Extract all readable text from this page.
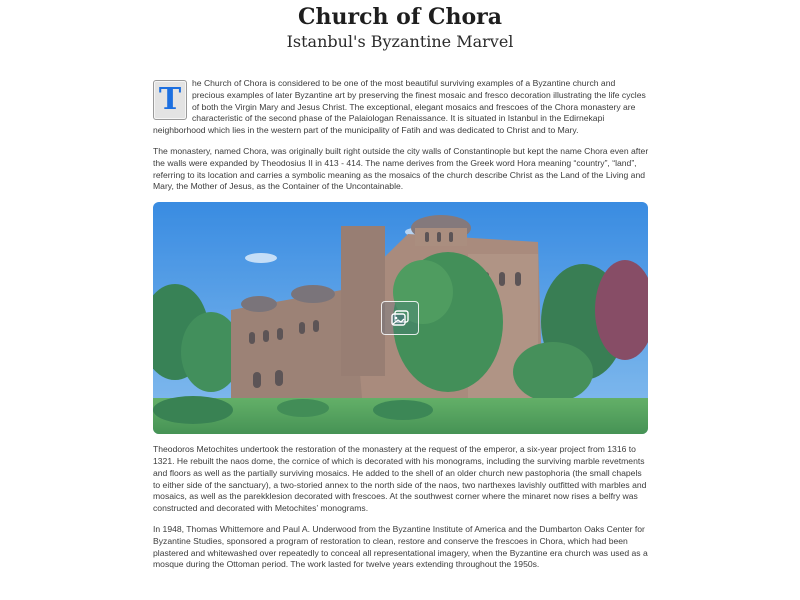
Church of Chora
Istanbul's Byzantine Marvel

T	he Church of Chora is considered to be one of the most beautiful surviving examples of a Byzantine church and precious examples of later Byzantine art by preserving the finest mosaic and fresco decoration illustrating the life cycles of both the Virgin Mary and Jesus Christ. The exceptional, elegant mosaics and frescoes of the Chora monastery are characteristic of the second phase of the Palaiologan Renaissance. It is situated in Istanbul in the Edirnekapi neighborhood which lies in the western part of the municipality of Fatih and was dedicated to Christ and to Mary.

The monastery, named Chora, was originally built right outside the city walls of Constantinople but kept the name Chora even after the walls were expanded by Theodosius II in 413 - 414. The name derives from the Greek word Hora meaning “country”, “land”, referring to its location and carries a symbolic meaning as the mosaics of the church describe Christ as the Land of the Living and Mary, the Mother of Jesus, as the Container of the Uncontainable.

Theodoros Metochites undertook the restoration of the monastery at the request of the emperor, a six-year project from 1316 to 1321. He rebuilt the naos dome, the cornice of which is decorated with his monograms, including the surviving marble revetments and floors as well as the partially surviving mosaics. He added to the shell of an older church new pastophoria (the small chapels to either side of the sanctuary), a two-storied annex to the north side of the naos, two narthexes lavishly outfitted with marbles and mosaics, as well as the parekklesion decorated with frescoes. At the southwest corner where the minaret now rises a belfry was constructed and decorated with Metochites’ monograms.

In 1948, Thomas Whittemore and Paul A. Underwood from the Byzantine Institute of America and the Dumbarton Oaks Center for Byzantine Studies, sponsored a program of restoration to clean, restore and conserve the frescoes in Chora, which had been plastered and whitewashed over repeatedly to conceal all representational imagery, when the Byzantine era church was used as a mosque during the Ottoman period. The work lasted for twelve years extending throughout the 1950s.
